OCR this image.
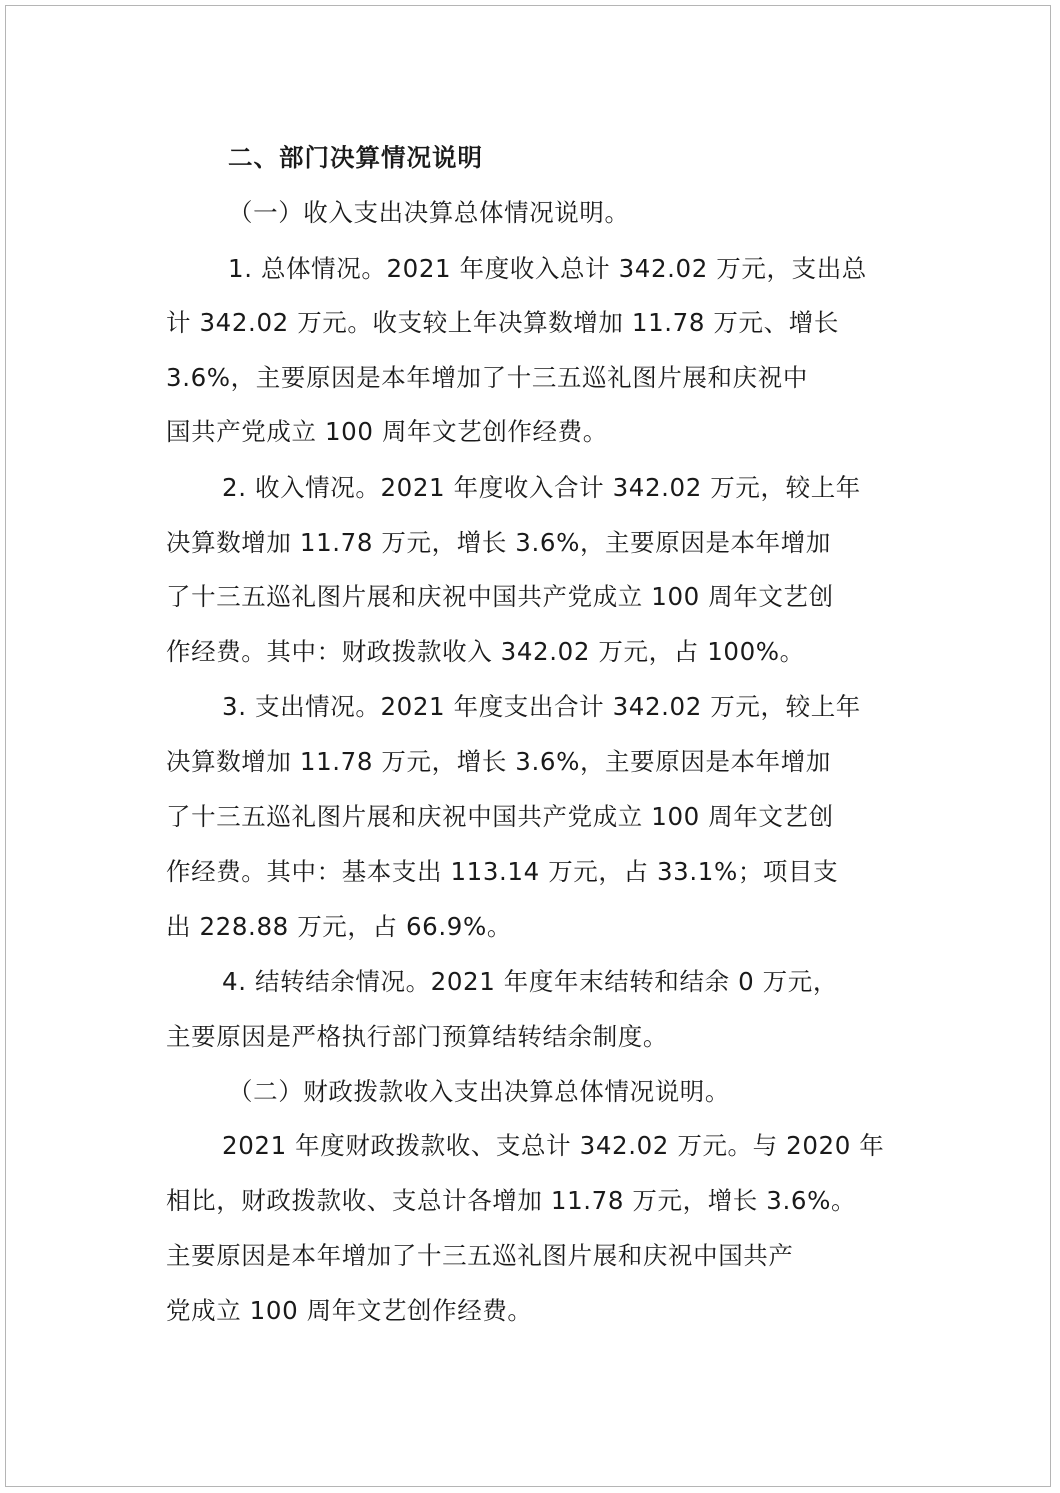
二、部门决算情况说明
（一）收入支出决算总体情况说明。
1. 总体情况。2021 年度收入总计 342.02 万元，支出总
计 342.02 万元。收支较上年决算数增加 11.78 万元、增长
3.6%，主要原因是本年增加了十三五巡礼图片展和庆祝中
国共产党成立 100 周年文艺创作经费。
2. 收入情况。2021 年度收入合计 342.02 万元，较上年
决算数增加 11.78 万元，增长 3.6%，主要原因是本年增加
了十三五巡礼图片展和庆祝中国共产党成立 100 周年文艺创
作经费。其中：财政拨款收入 342.02 万元，占 100%。
3. 支出情况。2021 年度支出合计 342.02 万元，较上年
决算数增加 11.78 万元，增长 3.6%，主要原因是本年增加
了十三五巡礼图片展和庆祝中国共产党成立 100 周年文艺创
作经费。其中：基本支出 113.14 万元，占 33.1%；项目支
出 228.88 万元，占 66.9%。
4. 结转结余情况。2021 年度年末结转和结余 0 万元，
主要原因是严格执行部门预算结转结余制度。
（二）财政拨款收入支出决算总体情况说明。
2021 年度财政拨款收、支总计 342.02 万元。与 2020 年
相比，财政拨款收、支总计各增加 11.78 万元，增长 3.6%。
主要原因是本年增加了十三五巡礼图片展和庆祝中国共产
党成立 100 周年文艺创作经费。
